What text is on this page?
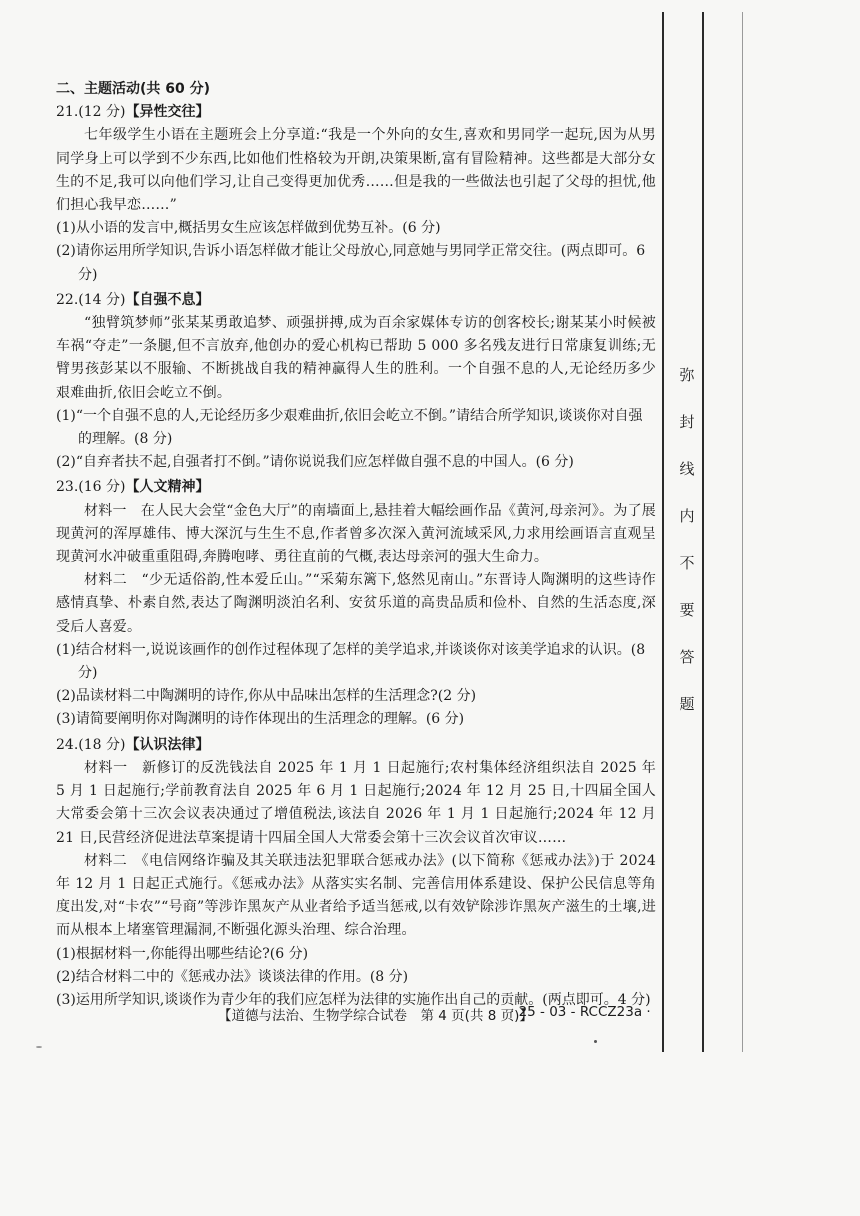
弥
封
线
内
不
要
答
题
二、主题活动(共 60 分)
21.(12 分)【异性交往】
七年级学生小语在主题班会上分享道:“我是一个外向的女生,喜欢和男同学一起玩,因为从男同学身上可以学到不少东西,比如他们性格较为开朗,决策果断,富有冒险精神。这些都是大部分女生的不足,我可以向他们学习,让自己变得更加优秀……但是我的一些做法也引起了父母的担忧,他们担心我早恋……”
(1)从小语的发言中,概括男女生应该怎样做到优势互补。(6 分)
(2)请你运用所学知识,告诉小语怎样做才能让父母放心,同意她与男同学正常交往。(两点即可。6 分)
22.(14 分)【自强不息】
“独臂筑梦师”张某某勇敢追梦、顽强拼搏,成为百余家媒体专访的创客校长;谢某某小时候被车祸“夺走”一条腿,但不言放弃,他创办的爱心机构已帮助 5 000 多名残友进行日常康复训练;无臂男孩彭某以不服输、不断挑战自我的精神赢得人生的胜利。一个自强不息的人,无论经历多少艰难曲折,依旧会屹立不倒。
(1)“一个自强不息的人,无论经历多少艰难曲折,依旧会屹立不倒。”请结合所学知识,谈谈你对自强的理解。(8 分)
(2)“自弃者扶不起,自强者打不倒。”请你说说我们应怎样做自强不息的中国人。(6 分)
23.(16 分)【人文精神】
材料一　在人民大会堂“金色大厅”的南墙面上,悬挂着大幅绘画作品《黄河,母亲河》。为了展现黄河的浑厚雄伟、博大深沉与生生不息,作者曾多次深入黄河流域采风,力求用绘画语言直观呈现黄河水冲破重重阻碍,奔腾咆哮、勇往直前的气概,表达母亲河的强大生命力。
材料二　“少无适俗韵,性本爱丘山。”“采菊东篱下,悠然见南山。”东晋诗人陶渊明的这些诗作感情真挚、朴素自然,表达了陶渊明淡泊名利、安贫乐道的高贵品质和俭朴、自然的生活态度,深受后人喜爱。
(1)结合材料一,说说该画作的创作过程体现了怎样的美学追求,并谈谈你对该美学追求的认识。(8 分)
(2)品读材料二中陶渊明的诗作,你从中品味出怎样的生活理念?(2 分)
(3)请简要阐明你对陶渊明的诗作体现出的生活理念的理解。(6 分)
24.(18 分)【认识法律】
材料一　新修订的反洗钱法自 2025 年 1 月 1 日起施行;农村集体经济组织法自 2025 年 5 月 1 日起施行;学前教育法自 2025 年 6 月 1 日起施行;2024 年 12 月 25 日,十四届全国人大常委会第十三次会议表决通过了增值税法,该法自 2026 年 1 月 1 日起施行;2024 年 12 月 21 日,民营经济促进法草案提请十四届全国人大常委会第十三次会议首次审议……
材料二　《电信网络诈骗及其关联违法犯罪联合惩戒办法》(以下简称《惩戒办法》)于 2024 年 12 月 1 日起正式施行。《惩戒办法》从落实实名制、完善信用体系建设、保护公民信息等角度出发,对“卡农”“号商”等涉诈黑灰产从业者给予适当惩戒,以有效铲除涉诈黑灰产滋生的土壤,进而从根本上堵塞管理漏洞,不断强化源头治理、综合治理。
(1)根据材料一,你能得出哪些结论?(6 分)
(2)结合材料二中的《惩戒办法》谈谈法律的作用。(8 分)
(3)运用所学知识,谈谈作为青少年的我们应怎样为法律的实施作出自己的贡献。(两点即可。4 分)
【道德与法治、生物学综合试卷　第 4 页(共 8 页)】
· 25 - 03 - RCCZ23a ·
